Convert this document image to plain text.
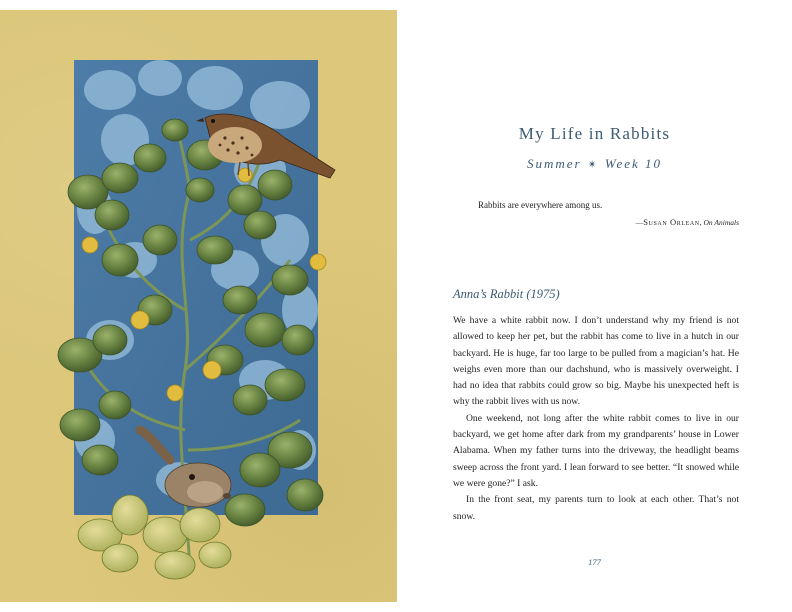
My Life in Rabbits
Summer ✴ Week 10
Rabbits are everywhere among us.
—Susan Orlean, On Animals
Anna’s Rabbit (1975)

We have a white rabbit now. I don’t understand why my friend is not allowed to keep her pet, but the rabbit has come to live in a hutch in our backyard. He is huge, far too large to be pulled from a magician’s hat. He weighs even more than our dachshund, who is massively overweight. I had no idea that rabbits could grow so big. Maybe his unexpected heft is why the rabbit lives with us now.

One weekend, not long after the white rabbit comes to live in our backyard, we get home after dark from my grandparents’ house in Lower Alabama. When my father turns into the driveway, the headlight beams sweep across the front yard. I lean forward to see better. “It snowed while we were gone?” I ask.

In the front seat, my parents turn to look at each other. That’s not snow.

177
